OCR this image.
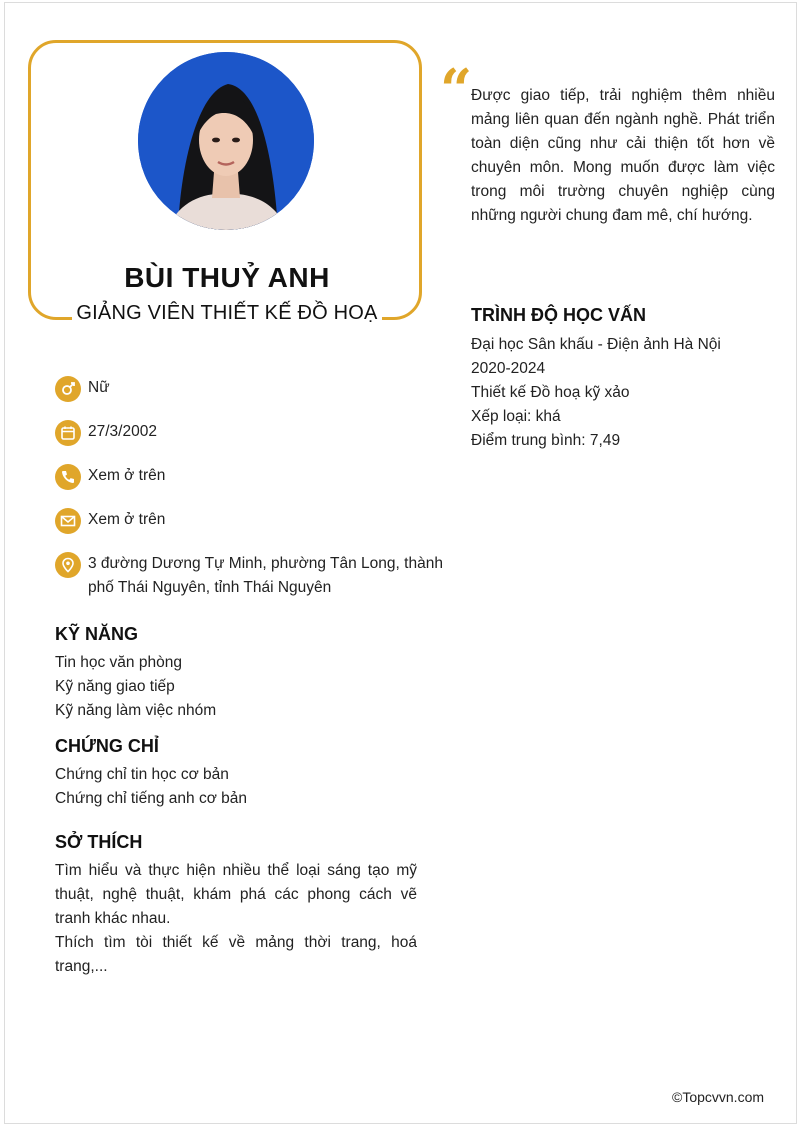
BÙI THUỶ ANH
GIẢNG VIÊN THIẾT KẾ ĐỒ HOẠ
“

Được giao tiếp, trải nghiệm thêm nhiều mảng liên quan đến ngành nghề. Phát triển toàn diện cũng như cải thiện tốt hơn về chuyên môn. Mong muốn được làm việc trong môi trường chuyên nghiệp cùng những người chung đam mê, chí hướng.

Nữ
27/3/2002
Xem ở trên
Xem ở trên
3 đường Dương Tự Minh, phường Tân Long, thành phố Thái Nguyên, tỉnh Thái Nguyên
KỸ NĂNG
Tin học văn phòng
Kỹ năng giao tiếp
Kỹ năng làm việc nhóm
CHỨNG CHỈ
Chứng chỉ tin học cơ bản
Chứng chỉ tiếng anh cơ bản
SỞ THÍCH

Tìm hiểu và thực hiện nhiều thể loại sáng tạo mỹ thuật, nghệ thuật, khám phá các phong cách vẽ tranh khác nhau.

Thích tìm tòi thiết kế về mảng thời trang, hoá trang,...

TRÌNH ĐỘ HỌC VẤN
Đại học Sân khấu - Điện ảnh Hà Nội
2020-2024
Thiết kế Đồ hoạ kỹ xảo
Xếp loại: khá
Điểm trung bình: 7,49
©Topcvvn.com
